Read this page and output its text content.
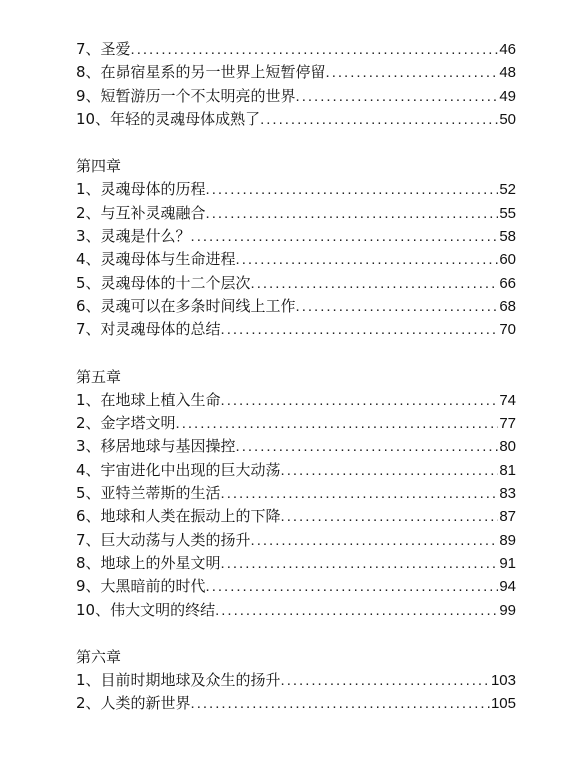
7、圣爱 .....	46
8、在昴宿星系的另一世界上短暂停留 .....	48
9、短暂游历一个不太明亮的世界 .....	49
10、年轻的灵魂母体成熟了 .....	50
第四章
1、灵魂母体的历程 .....	52
2、与互补灵魂融合 .....	55
3、灵魂是什么？ .....	58
4、灵魂母体与生命进程 .....	60
5、灵魂母体的十二个层次 .....	66
6、灵魂可以在多条时间线上工作 .....	68
7、对灵魂母体的总结 .....	70
第五章
1、在地球上植入生命 .....	74
2、金字塔文明 .....	77
3、移居地球与基因操控 .....	80
4、宇宙进化中出现的巨大动荡 .....	81
5、亚特兰蒂斯的生活 .....	83
6、地球和人类在振动上的下降 .....	87
7、巨大动荡与人类的扬升 .....	89
8、地球上的外星文明 .....	91
9、大黑暗前的时代 .....	94
10、伟大文明的终结 .....	99
第六章
1、目前时期地球及众生的扬升 .....	103
2、人类的新世界 .....	105
